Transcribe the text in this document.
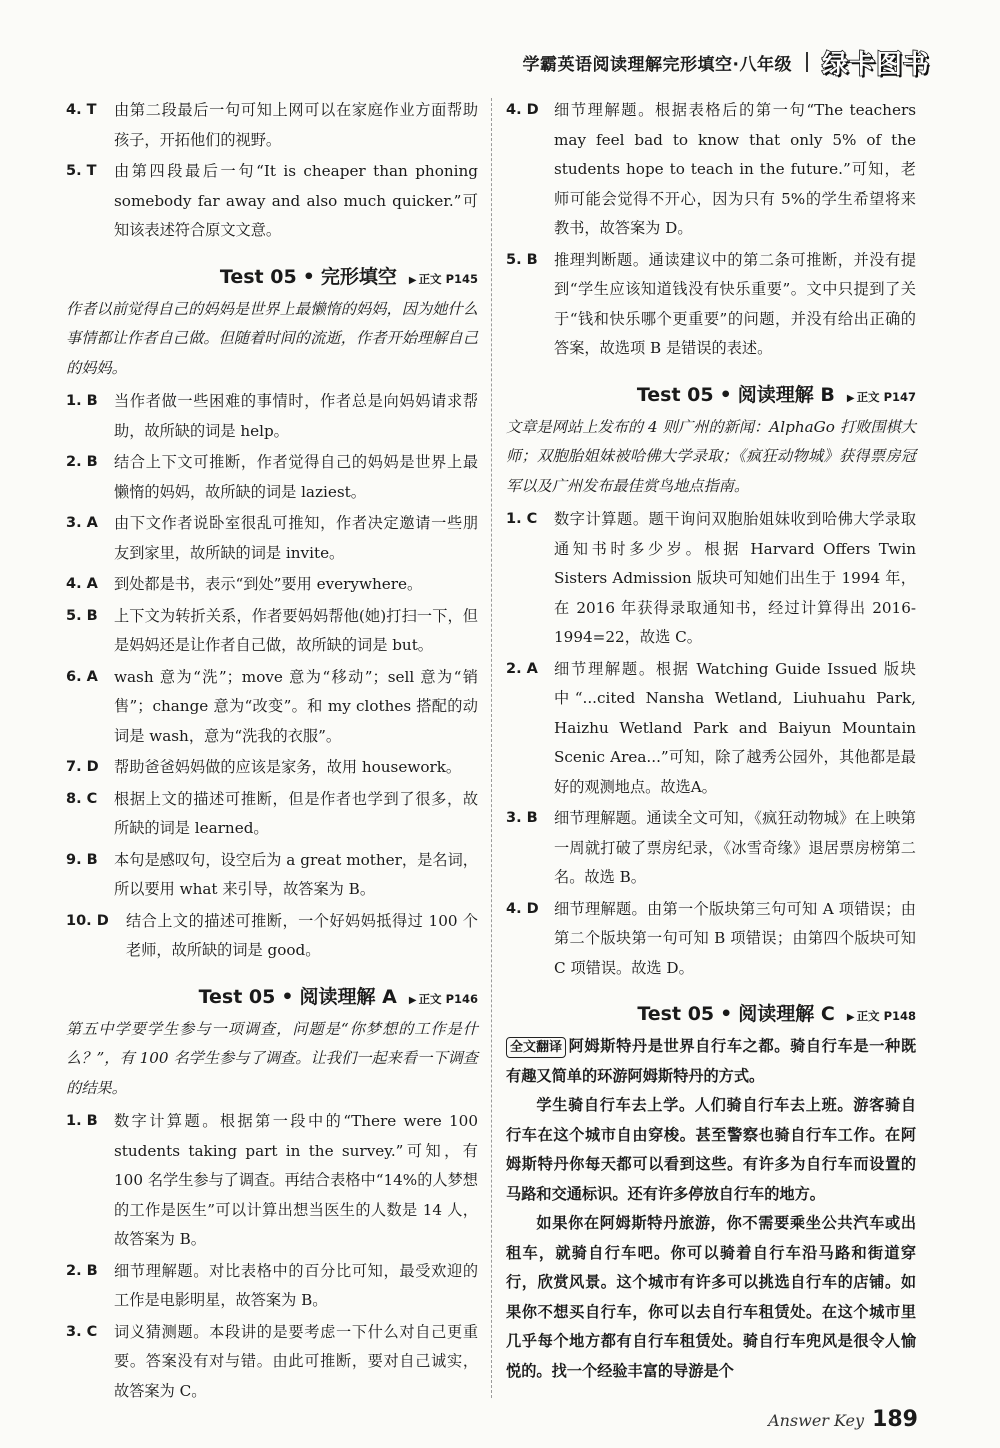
学霸英语阅读理解完形填空·八年级 绿卡图书
4. T	由第二段最后一句可知上网可以在家庭作业方面帮助孩子，开拓他们的视野。
5. T	由第四段最后一句“It is cheaper than phoning somebody far away and also much quicker.”可知该表述符合原文文意。
Test 05 • 完形填空 ▶ 正文 P145
作者以前觉得自己的妈妈是世界上最懒惰的妈妈，因为她什么事情都让作者自己做。但随着时间的流逝，作者开始理解自己的妈妈。
1. B	当作者做一些困难的事情时，作者总是向妈妈请求帮助，故所缺的词是 help。
2. B	结合上下文可推断，作者觉得自己的妈妈是世界上最懒惰的妈妈，故所缺的词是 laziest。
3. A	由下文作者说卧室很乱可推知，作者决定邀请一些朋友到家里，故所缺的词是 invite。
4. A	到处都是书，表示“到处”要用 everywhere。
5. B	上下文为转折关系，作者要妈妈帮他(她)打扫一下，但是妈妈还是让作者自己做，故所缺的词是 but。
6. A	wash 意为“洗”；move 意为“移动”；sell 意为“销售”；change 意为“改变”。和 my clothes 搭配的动词是 wash，意为“洗我的衣服”。
7. D	帮助爸爸妈妈做的应该是家务，故用 housework。
8. C	根据上文的描述可推断，但是作者也学到了很多，故所缺的词是 learned。
9. B	本句是感叹句，设空后为 a great mother，是名词，所以要用 what 来引导，故答案为 B。
10. D	结合上文的描述可推断，一个好妈妈抵得过 100 个老师，故所缺的词是 good。
Test 05 • 阅读理解 A ▶ 正文 P146
第五中学要学生参与一项调查，问题是“你梦想的工作是什么？”，有 100 名学生参与了调查。让我们一起来看一下调查的结果。
1. B	数字计算题。根据第一段中的“There were 100 students taking part in the survey.”可知，有 100 名学生参与了调查。再结合表格中“14%的人梦想的工作是医生”可以计算出想当医生的人数是 14 人，故答案为 B。
2. B	细节理解题。对比表格中的百分比可知，最受欢迎的工作是电影明星，故答案为 B。
3. C	词义猜测题。本段讲的是要考虑一下什么对自己更重要。答案没有对与错。由此可推断，要对自己诚实，故答案为 C。
4. D	细节理解题。根据表格后的第一句“The teachers may feel bad to know that only 5% of the students hope to teach in the future.”可知，老师可能会觉得不开心，因为只有 5%的学生希望将来教书，故答案为 D。
5. B	推理判断题。通读建议中的第二条可推断，并没有提到“学生应该知道钱没有快乐重要”。文中只提到了关于“钱和快乐哪个更重要”的问题，并没有给出正确的答案，故选项 B 是错误的表述。
Test 05 • 阅读理解 B ▶ 正文 P147
文章是网站上发布的 4 则广州的新闻：AlphaGo 打败围棋大师；双胞胎姐妹被哈佛大学录取；《疯狂动物城》获得票房冠军以及广州发布最佳赏鸟地点指南。
1. C	数字计算题。题干询问双胞胎姐妹收到哈佛大学录取通知书时多少岁。根据 Harvard Offers Twin Sisters Admission 版块可知她们出生于 1994 年，在 2016 年获得录取通知书，经过计算得出 2016-1994=22，故选 C。
2. A	细节理解题。根据 Watching Guide Issued 版块中“...cited Nansha Wetland, Liuhuahu Park, Haizhu Wetland Park and Baiyun Mountain Scenic Area...”可知，除了越秀公园外，其他都是最好的观测地点。故选A。
3. B	细节理解题。通读全文可知，《疯狂动物城》在上映第一周就打破了票房纪录，《冰雪奇缘》退居票房榜第二名。故选 B。
4. D	细节理解题。由第一个版块第三句可知 A 项错误；由第二个版块第一句可知 B 项错误；由第四个版块可知 C 项错误。故选 D。
Test 05 • 阅读理解 C ▶ 正文 P148

全文翻译 阿姆斯特丹是世界自行车之都。骑自行车是一种既有趣又简单的环游阿姆斯特丹的方式。

学生骑自行车去上学。人们骑自行车去上班。游客骑自行车在这个城市自由穿梭。甚至警察也骑自行车工作。在阿姆斯特丹你每天都可以看到这些。有许多为自行车而设置的马路和交通标识。还有许多停放自行车的地方。

如果你在阿姆斯特丹旅游，你不需要乘坐公共汽车或出租车，就骑自行车吧。你可以骑着自行车沿马路和街道穿行，欣赏风景。这个城市有许多可以挑选自行车的店铺。如果你不想买自行车，你可以去自行车租赁处。在这个城市里几乎每个地方都有自行车租赁处。骑自行车兜风是很令人愉悦的。找一个经验丰富的导游是个

Answer Key 189
